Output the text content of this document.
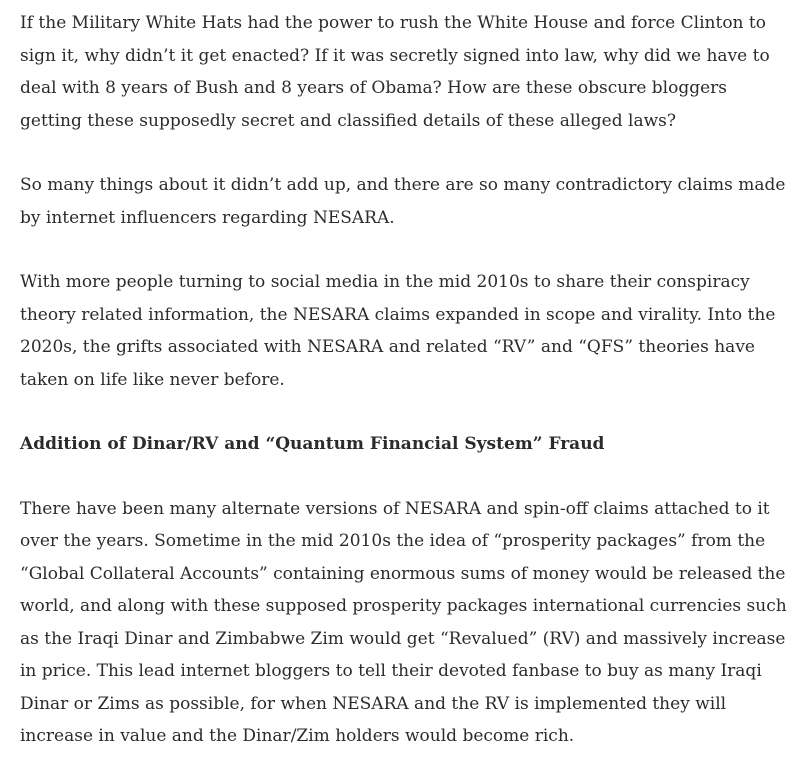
If the Military White Hats had the power to rush the White House and force Clinton to sign it, why didn’t it get enacted? If it was secretly signed into law, why did we have to deal with 8 years of Bush and 8 years of Obama? How are these obscure bloggers getting these supposedly secret and classified details of these alleged laws?

So many things about it didn’t add up, and there are so many contradictory claims made by internet influencers regarding NESARA.

With more people turning to social media in the mid 2010s to share their conspiracy theory related information, the NESARA claims expanded in scope and virality. Into the 2020s, the grifts associated with NESARA and related “RV” and “QFS” theories have taken on life like never before.

Addition of Dinar/RV and “Quantum Financial System” Fraud

There have been many alternate versions of NESARA and spin-off claims attached to it over the years. Sometime in the mid 2010s the idea of “prosperity packages” from the “Global Collateral Accounts” containing enormous sums of money would be released the world, and along with these supposed prosperity packages international currencies such as the Iraqi Dinar and Zimbabwe Zim would get “Revalued” (RV) and massively increase in price. This lead internet bloggers to tell their devoted fanbase to buy as many Iraqi Dinar or Zims as possible, for when NESARA and the RV is implemented they will increase in value and the Dinar/Zim holders would become rich.
